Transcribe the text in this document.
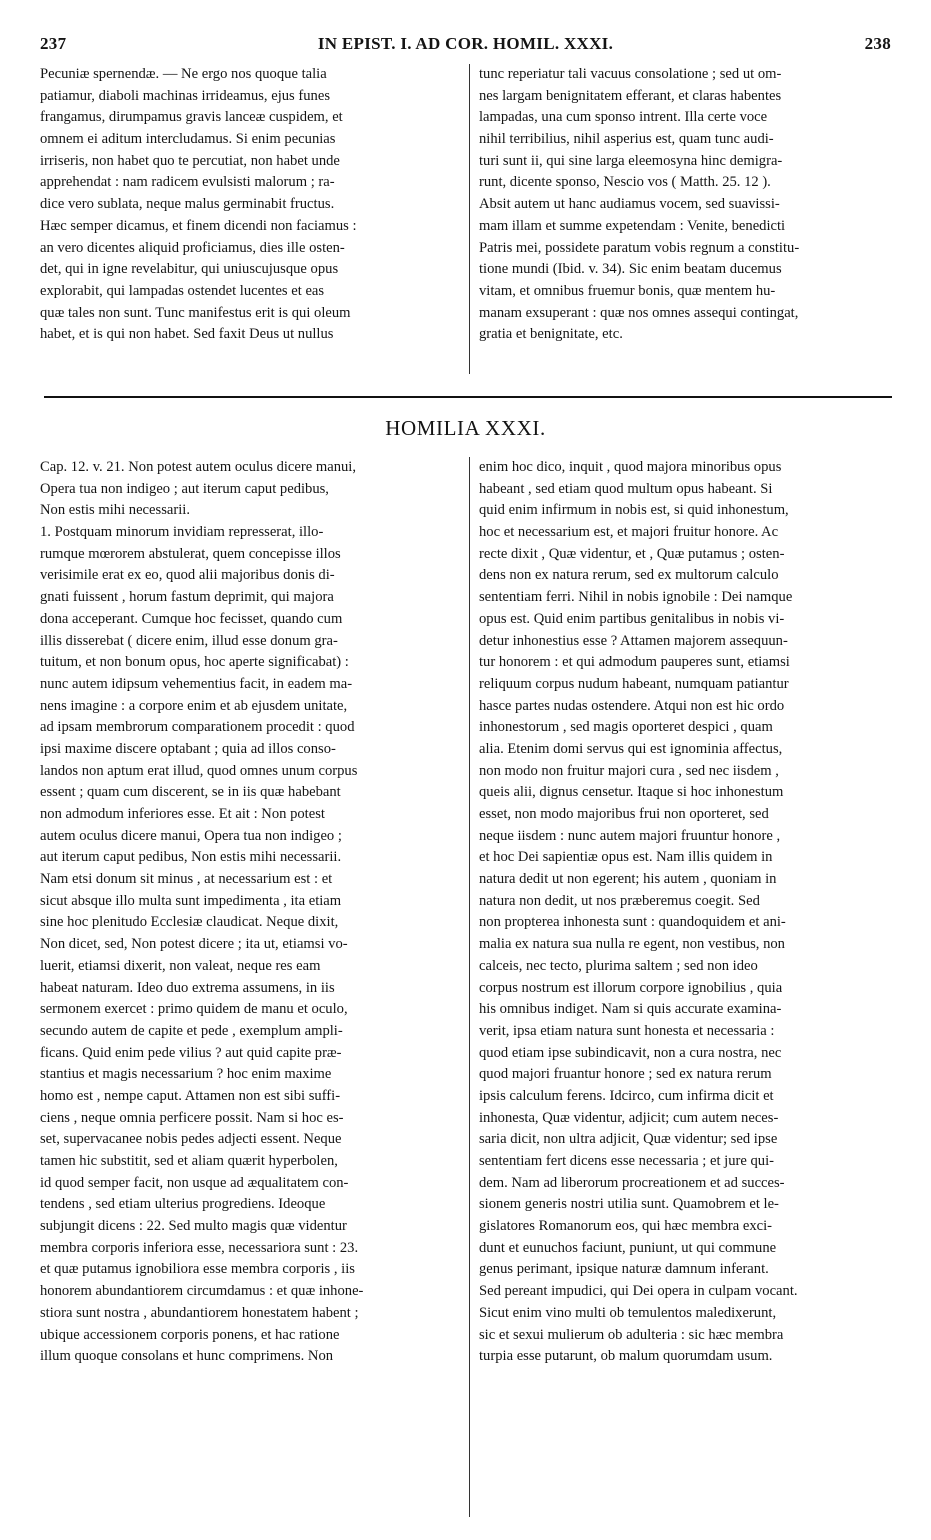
IN EPIST. I. AD COR. HOMIL. XXXI.
237	238
Pecuniæ spernendæ. — Ne ergo nos quoque talia
patiamur, diaboli machinas irrideamus, ejus funes
frangamus, dirumpamus gravis lanceæ cuspidem, et
omnem ei aditum intercludamus. Si enim pecunias
irriseris, non habet quo te percutiat, non habet unde
apprehendat : nam radicem evulsisti malorum ; ra-
dice vero sublata, neque malus germinabit fructus.
Hæc semper dicamus, et finem dicendi non faciamus :
an vero dicentes aliquid proficiamus, dies ille osten-
det, qui in igne revelabitur, qui uniuscujusque opus
explorabit, qui lampadas ostendet lucentes et eas
quæ tales non sunt. Tunc manifestus erit is qui oleum
habet, et is qui non habet. Sed faxit Deus ut nullus
tunc reperiatur tali vacuus consolatione ; sed ut om-
nes largam benignitatem efferant, et claras habentes
lampadas, una cum sponso intrent. Illa certe voce
nihil terribilius, nihil asperius est, quam tunc audi-
turi sunt ii, qui sine larga eleemosyna hinc demigra-
runt, dicente sponso, Nescio vos ( Matth. 25. 12 ).
Absit autem ut hanc audiamus vocem, sed suavissi-
mam illam et summe expetendam : Venite, benedicti
Patris mei, possidete paratum vobis regnum a constitu-
tione mundi (Ibid. v. 34). Sic enim beatam ducemus
vitam, et omnibus fruemur bonis, quæ mentem hu-
manam exsuperant : quæ nos omnes assequi contingat,
gratia et benignitate, etc.
HOMILIA XXXI.
Cap. 12. v. 21. Non potest autem oculus dicere manui,
Opera tua non indigeo ; aut iterum caput pedibus,
Non estis mihi necessarii.
1. Postquam minorum invidiam represserat, illo-
rumque mœrorem abstulerat, quem concepisse illos
verisimile erat ex eo, quod alii majoribus donis di-
gnati fuissent , horum fastum deprimit, qui majora
dona acceperant. Cumque hoc fecisset, quando cum
illis disserebat ( dicere enim, illud esse donum gra-
tuitum, et non bonum opus, hoc aperte significabat) :
nunc autem idipsum vehementius facit, in eadem ma-
nens imagine : a corpore enim et ab ejusdem unitate,
ad ipsam membrorum comparationem procedit : quod
ipsi maxime discere optabant ; quia ad illos conso-
landos non aptum erat illud, quod omnes unum corpus
essent ; quam cum discerent, se in iis quæ habebant
non admodum inferiores esse. Et ait : Non potest
autem oculus dicere manui, Opera tua non indigeo ;
aut iterum caput pedibus, Non estis mihi necessarii.
Nam etsi donum sit minus , at necessarium est : et
sicut absque illo multa sunt impedimenta , ita etiam
sine hoc plenitudo Ecclesiæ claudicat. Neque dixit,
Non dicet, sed, Non potest dicere ; ita ut, etiamsi vo-
luerit, etiamsi dixerit, non valeat, neque res eam
habeat naturam. Ideo duo extrema assumens, in iis
sermonem exercet : primo quidem de manu et oculo,
secundo autem de capite et pede , exemplum ampli-
ficans. Quid enim pede vilius ? aut quid capite præ-
stantius et magis necessarium ? hoc enim maxime
homo est , nempe caput. Attamen non est sibi suffi-
ciens , neque omnia perficere possit. Nam si hoc es-
set, supervacanee nobis pedes adjecti essent. Neque
tamen hic substitit, sed et aliam quærit hyperbolen,
id quod semper facit, non usque ad æqualitatem con-
tendens , sed etiam ulterius progrediens. Ideoque
subjungit dicens : 22. Sed multo magis quæ videntur
membra corporis inferiora esse, necessariora sunt : 23.
et quæ putamus ignobiliora esse membra corporis , iis
honorem abundantiorem circumdamus : et quæ inhone-
stiora sunt nostra , abundantiorem honestatem habent ;
ubique accessionem corporis ponens, et hac ratione
illum quoque consolans et hunc comprimens. Non
enim hoc dico, inquit , quod majora minoribus opus
habeant , sed etiam quod multum opus habeant. Si
quid enim infirmum in nobis est, si quid inhonestum,
hoc et necessarium est, et majori fruitur honore. Ac
recte dixit , Quæ videntur, et , Quæ putamus ; osten-
dens non ex natura rerum, sed ex multorum calculo
sententiam ferri. Nihil in nobis ignobile : Dei namque
opus est. Quid enim partibus genitalibus in nobis vi-
detur inhonestius esse ? Attamen majorem assequun-
tur honorem : et qui admodum pauperes sunt, etiamsi
reliquum corpus nudum habeant, numquam patiantur
hasce partes nudas ostendere. Atqui non est hic ordo
inhonestorum , sed magis oporteret despici , quam
alia. Etenim domi servus qui est ignominia affectus,
non modo non fruitur majori cura , sed nec iisdem ,
queis alii, dignus censetur. Itaque si hoc inhonestum
esset, non modo majoribus frui non oporteret, sed
neque iisdem : nunc autem majori fruuntur honore ,
et hoc Dei sapientiæ opus est. Nam illis quidem in
natura dedit ut non egerent; his autem , quoniam in
natura non dedit, ut nos præberemus coegit. Sed
non propterea inhonesta sunt : quandoquidem et ani-
malia ex natura sua nulla re egent, non vestibus, non
calceis, nec tecto, plurima saltem ; sed non ideo
corpus nostrum est illorum corpore ignobilius , quia
his omnibus indiget. Nam si quis accurate examina-
verit, ipsa etiam natura sunt honesta et necessaria :
quod etiam ipse subindicavit, non a cura nostra, nec
quod majori fruantur honore ; sed ex natura rerum
ipsis calculum ferens. Idcirco, cum infirma dicit et
inhonesta, Quæ videntur, adjicit; cum autem neces-
saria dicit, non ultra adjicit, Quæ videntur; sed ipse
sententiam fert dicens esse necessaria ; et jure qui-
dem. Nam ad liberorum procreationem et ad succes-
sionem generis nostri utilia sunt. Quamobrem et le-
gislatores Romanorum eos, qui hæc membra exci-
dunt et eunuchos faciunt, puniunt, ut qui commune
genus perimant, ipsique naturæ damnum inferant.
Sed pereant impudici, qui Dei opera in culpam vocant.
Sicut enim vino multi ob temulentos maledixerunt,
sic et sexui mulierum ob adulteria : sic hæc membra
turpia esse putarunt, ob malum quorumdam usum.
